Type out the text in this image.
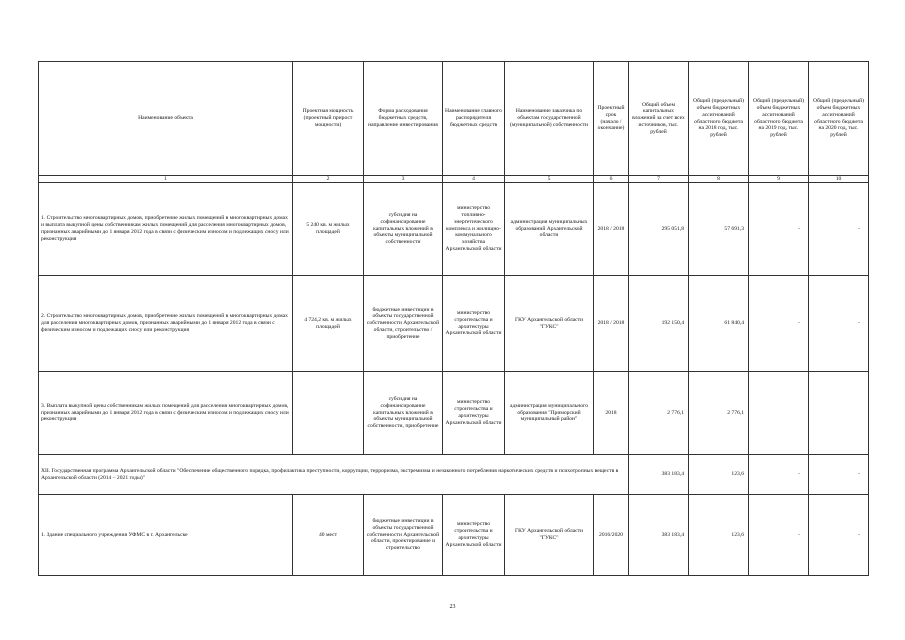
Наименование объекта	Проектная мощность (проектный прирост мощности)	Форма расходования бюджетных средств, направление инвестирования	Наименование главного распорядителя бюджетных средств	Наименование заказчика по объектам государственной (муниципальной) собственности	Проектный срок (начало / окончание)	Общий объем капитальных вложений за счет всех источников, тыс. рублей	Общий (предельный) объем бюджетных ассигнований областного бюджета на 2018 год, тыс. рублей	Общий (предельный) объем бюджетных ассигнований областного бюджета на 2019 год, тыс. рублей	Общий (предельный) объем бюджетных ассигнований областного бюджета на 2020 год, тыс. рублей
1	2	3	4	5	6	7	8	9	10
1. Строительство многоквартирных домов, приобретение жилых помещений в многоквартирных домах и выплата выкупной цены собственникам жилых помещений для расселения многоквартирных домов, признанных аварийными до 1 января 2012 года в связи с физическим износом и подлежащих сносу или реконструкция	5 240 кв. м жилых площадей	субсидия на софинансирование капитальных вложений в объекты муниципальной собственности	министерство топливно-энергетического комплекса и жилищно-коммунального хозяйства Архангельской области	администрация муниципальных образований Архангельской области	2018 / 2018	295 051,8	57 691,3	-	-
2. Строительство многоквартирных домов, приобретение жилых помещений в многоквартирных домах для расселения многоквартирных домов, признанных аварийными до 1 января 2012 года в связи с физическим износом и подлежащих сносу или реконструкция	4 724,2 кв. м жилых площадей	бюджетные инвестиции в объекты государственной собственности Архангельской области, строительство / приобретение	министерство строительства и архитектуры Архангельской области	ГКУ Архангельской области "ГУКС"	2018 / 2018	192 150,4	61 840,4	-	-
3. Выплата выкупной цены собственникам жилых помещений для расселения многоквартирных домов, признанных аварийными до 1 января 2012 года в связи с физическим износом и подлежащих сносу или реконструкция		субсидия на софинансирование капитальных вложений в объекты муниципальной собственности, приобретение	министерство строительства и архитектуры Архангельской области	администрация муниципального образования "Приморский муниципальный район"	2018	2 776,1	2 776,1		
XII. Государственная программа Архангельской области "Обеспечение общественного порядка, профилактика преступности, коррупции, терроризма, экстремизма и незаконного потребления наркотических средств и психотропных веществ в Архангельской области (2014 – 2021 годы)"						383 183,4	123,6	-	-
1. Здание специального учреждения УФМС в г. Архангельске	40 мест	бюджетные инвестиции в объекты государственной собственности Архангельской области, проектирование и строительство	министерство строительства и архитектуры Архангельской области	ГКУ Архангельской области "ГУКС"	2016/2020	383 183,4	123,6	-	-
23
